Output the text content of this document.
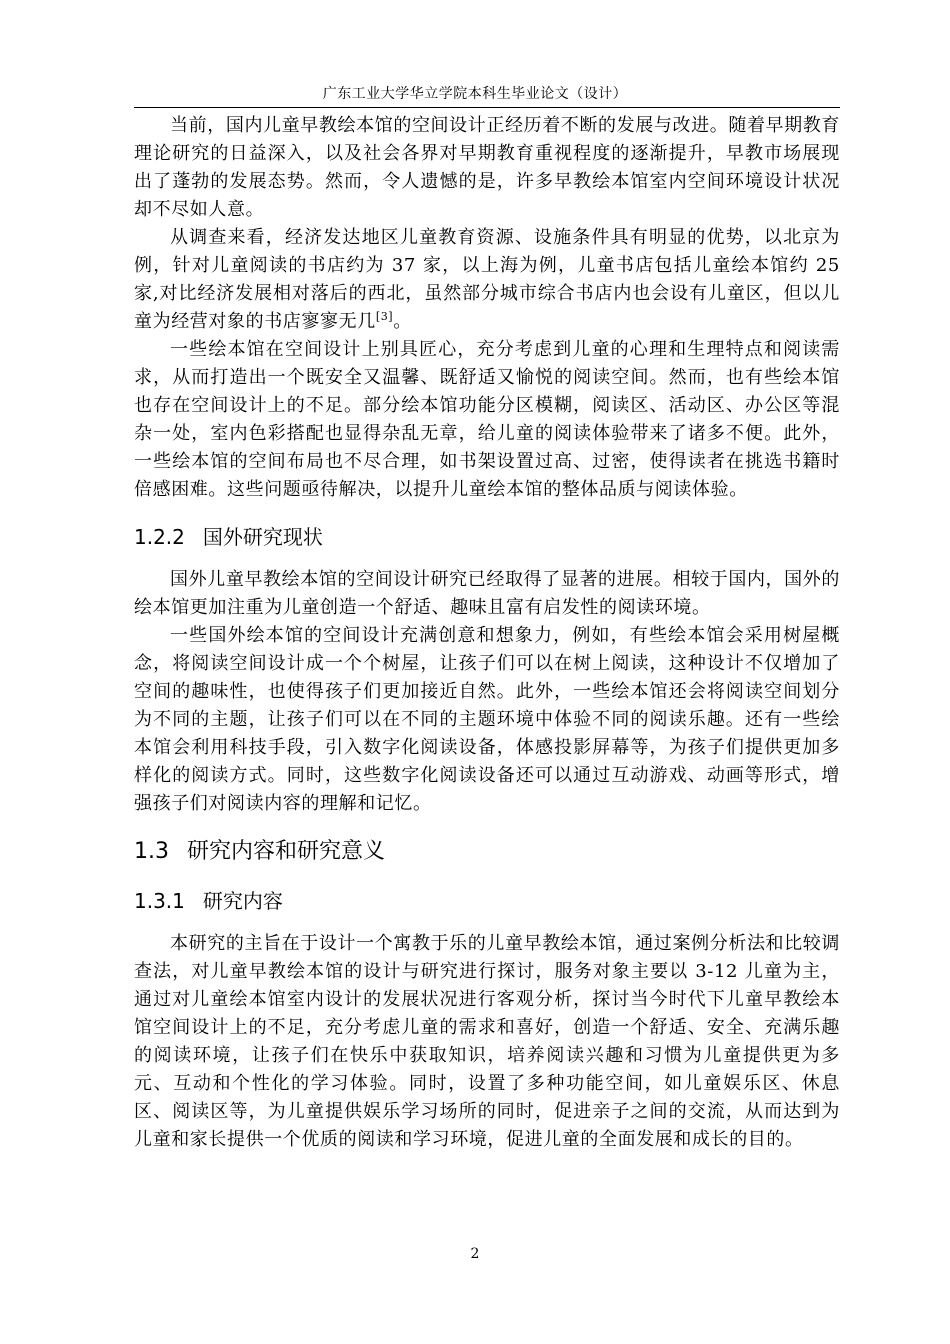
广东工业大学华立学院本科生毕业论文（设计）

当前，国内儿童早教绘本馆的空间设计正经历着不断的发展与改进。随着早期教育理论研究的日益深入，以及社会各界对早期教育重视程度的逐渐提升，早教市场展现出了蓬勃的发展态势。然而，令人遗憾的是，许多早教绘本馆室内空间环境设计状况却不尽如人意。

从调查来看，经济发达地区儿童教育资源、设施条件具有明显的优势，以北京为例，针对儿童阅读的书店约为 37 家，以上海为例，儿童书店包括儿童绘本馆约 25 家,对比经济发展相对落后的西北，虽然部分城市综合书店内也会设有儿童区，但以儿童为经营对象的书店寥寥无几[3]。

一些绘本馆在空间设计上别具匠心，充分考虑到儿童的心理和生理特点和阅读需求，从而打造出一个既安全又温馨、既舒适又愉悦的阅读空间。然而，也有些绘本馆也存在空间设计上的不足。部分绘本馆功能分区模糊，阅读区、活动区、办公区等混杂一处，室内色彩搭配也显得杂乱无章，给儿童的阅读体验带来了诸多不便。此外，一些绘本馆的空间布局也不尽合理，如书架设置过高、过密，使得读者在挑选书籍时倍感困难。这些问题亟待解决，以提升儿童绘本馆的整体品质与阅读体验。

1.2.2 国外研究现状

国外儿童早教绘本馆的空间设计研究已经取得了显著的进展。相较于国内，国外的绘本馆更加注重为儿童创造一个舒适、趣味且富有启发性的阅读环境。

一些国外绘本馆的空间设计充满创意和想象力，例如，有些绘本馆会采用树屋概念，将阅读空间设计成一个个树屋，让孩子们可以在树上阅读，这种设计不仅增加了空间的趣味性，也使得孩子们更加接近自然。此外，一些绘本馆还会将阅读空间划分为不同的主题，让孩子们可以在不同的主题环境中体验不同的阅读乐趣。还有一些绘本馆会利用科技手段，引入数字化阅读设备，体感投影屏幕等，为孩子们提供更加多样化的阅读方式。同时，这些数字化阅读设备还可以通过互动游戏、动画等形式，增强孩子们对阅读内容的理解和记忆。

1.3 研究内容和研究意义
1.3.1 研究内容

本研究的主旨在于设计一个寓教于乐的儿童早教绘本馆，通过案例分析法和比较调查法，对儿童早教绘本馆的设计与研究进行探讨，服务对象主要以 3-12 儿童为主，通过对儿童绘本馆室内设计的发展状况进行客观分析，探讨当今时代下儿童早教绘本馆空间设计上的不足，充分考虑儿童的需求和喜好，创造一个舒适、安全、充满乐趣的阅读环境，让孩子们在快乐中获取知识，培养阅读兴趣和习惯为儿童提供更为多元、互动和个性化的学习体验。同时，设置了多种功能空间，如儿童娱乐区、休息区、阅读区等，为儿童提供娱乐学习场所的同时，促进亲子之间的交流，从而达到为儿童和家长提供一个优质的阅读和学习环境，促进儿童的全面发展和成长的目的。

2
